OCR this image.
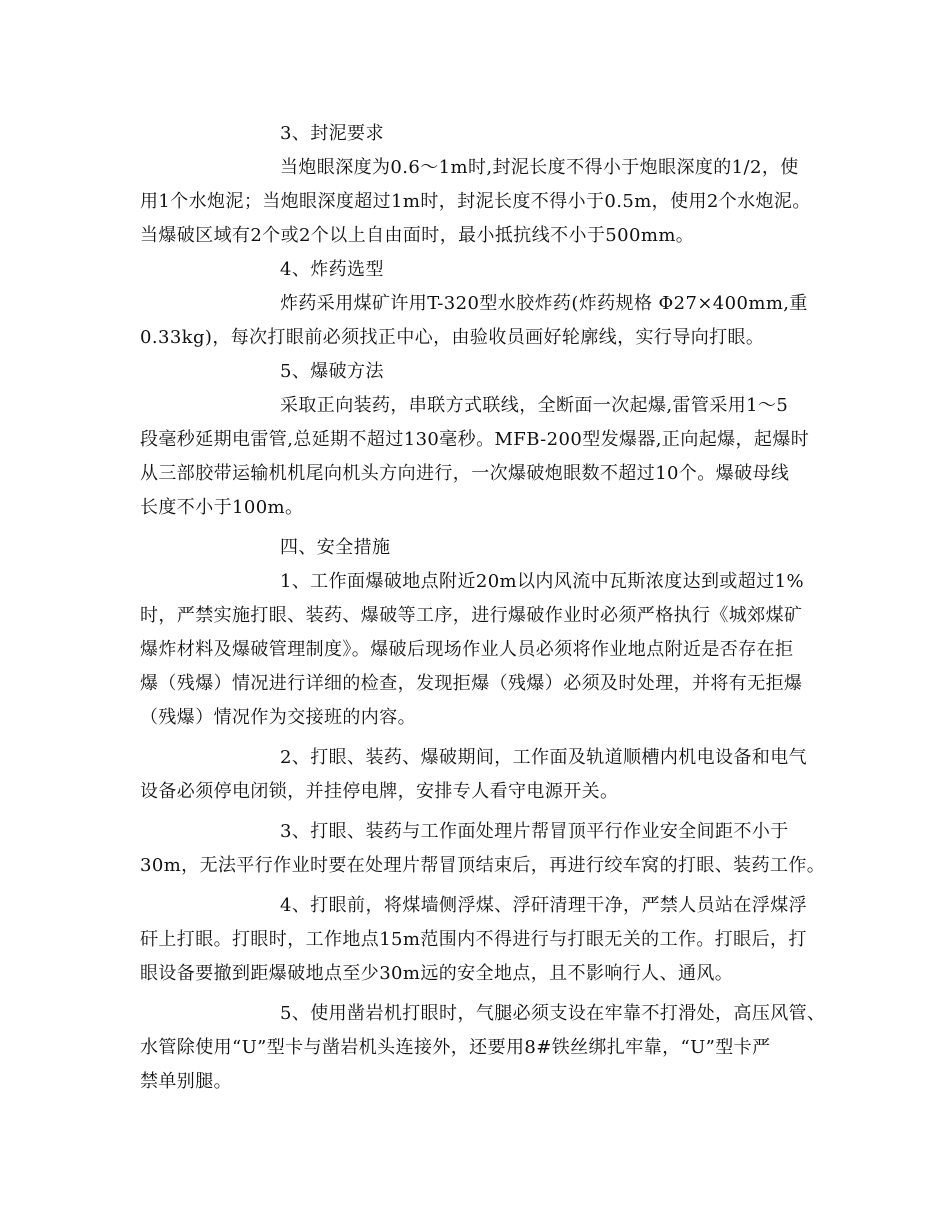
3、封泥要求
当炮眼深度为0.6～1m时,封泥长度不得小于炮眼深度的1/2，使
用1个水炮泥；当炮眼深度超过1m时，封泥长度不得小于0.5m，使用2个水炮泥。
当爆破区域有2个或2个以上自由面时，最小抵抗线不小于500mm。
4、炸药选型
炸药采用煤矿许用T-320型水胶炸药(炸药规格 Φ27×400mm,重
0.33kg)，每次打眼前必须找正中心，由验收员画好轮廓线，实行导向打眼。
5、爆破方法
采取正向装药，串联方式联线，全断面一次起爆,雷管采用1～5
段毫秒延期电雷管,总延期不超过130毫秒。MFB-200型发爆器,正向起爆，起爆时
从三部胶带运输机机尾向机头方向进行，一次爆破炮眼数不超过10个。爆破母线
长度不小于100m。
四、安全措施
1、工作面爆破地点附近20m以内风流中瓦斯浓度达到或超过1%
时，严禁实施打眼、装药、爆破等工序，进行爆破作业时必须严格执行《城郊煤矿
爆炸材料及爆破管理制度》。爆破后现场作业人员必须将作业地点附近是否存在拒
爆（残爆）情况进行详细的检查，发现拒爆（残爆）必须及时处理，并将有无拒爆
（残爆）情况作为交接班的内容。
2、打眼、装药、爆破期间，工作面及轨道顺槽内机电设备和电气
设备必须停电闭锁，并挂停电牌，安排专人看守电源开关。
3、打眼、装药与工作面处理片帮冒顶平行作业安全间距不小于
30m，无法平行作业时要在处理片帮冒顶结束后，再进行绞车窝的打眼、装药工作。
4、打眼前，将煤墙侧浮煤、浮矸清理干净，严禁人员站在浮煤浮
矸上打眼。打眼时，工作地点15m范围内不得进行与打眼无关的工作。打眼后，打
眼设备要撤到距爆破地点至少30m远的安全地点，且不影响行人、通风。
5、使用凿岩机打眼时，气腿必须支设在牢靠不打滑处，高压风管、
水管除使用“U”型卡与凿岩机头连接外，还要用8#铁丝绑扎牢靠，“U”型卡严
禁单别腿。
